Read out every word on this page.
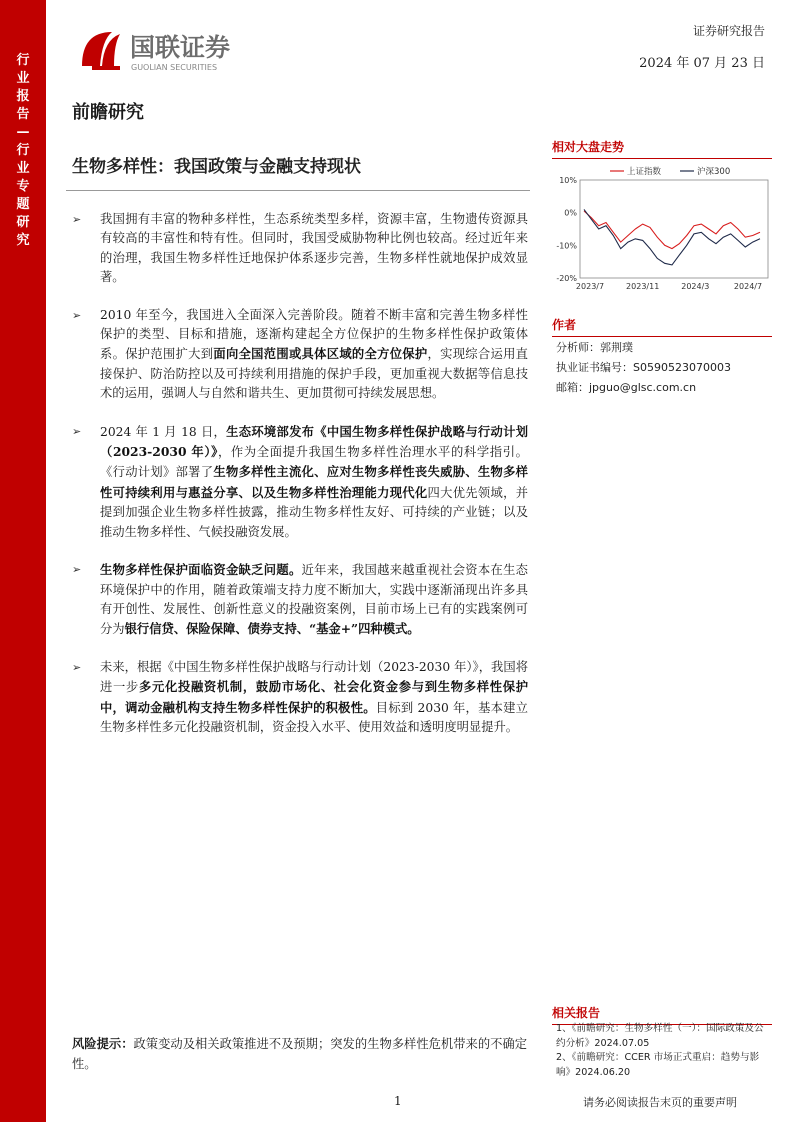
行
业
报
告
—
行
业
专
题
研
究
国联证券
GUOLIAN SECURITIES
证券研究报告
2024 年 07 月 23 日
前瞻研究
生物多样性：我国政策与金融支持现状
➢ 我国拥有丰富的物种多样性，生态系统类型多样，资源丰富，生物遗传资源具有较高的丰富性和特有性。但同时，我国受威胁物种比例也较高。经过近年来的治理，我国生物多样性迁地保护体系逐步完善，生物多样性就地保护成效显著。
➢ 2010 年至今，我国进入全面深入完善阶段。随着不断丰富和完善生物多样性保护的类型、目标和措施，逐渐构建起全方位保护的生物多样性保护政策体系。保护范围扩大到面向全国范围或具体区域的全方位保护，实现综合运用直接保护、防治防控以及可持续利用措施的保护手段，更加重视大数据等信息技术的运用，强调人与自然和谐共生、更加贯彻可持续发展思想。
➢ 2024 年 1 月 18 日，生态环境部发布《中国生物多样性保护战略与行动计划（2023-2030 年）》，作为全面提升我国生物多样性治理水平的科学指引。《行动计划》部署了生物多样性主流化、应对生物多样性丧失威胁、生物多样性可持续利用与惠益分享、以及生物多样性治理能力现代化四大优先领域，并提到加强企业生物多样性披露，推动生物多样性友好、可持续的产业链；以及推动生物多样性、气候投融资发展。
➢ 生物多样性保护面临资金缺乏问题。近年来，我国越来越重视社会资本在生态环境保护中的作用，随着政策端支持力度不断加大，实践中逐渐涌现出许多具有开创性、发展性、创新性意义的投融资案例，目前市场上已有的实践案例可分为银行信贷、保险保障、债券支持、“基金+”四种模式。
➢ 未来，根据《中国生物多样性保护战略与行动计划（2023-2030 年）》，我国将进一步多元化投融资机制，鼓励市场化、社会化资金参与到生物多样性保护中，调动金融机构支持生物多样性保护的积极性。目标到 2030 年，基本建立生物多样性多元化投融资机制，资金投入水平、使用效益和透明度明显提升。
风险提示：政策变动及相关政策推进不及预期；突发的生物多样性危机带来的不确定性。
相对大盘走势
10%
0%
-10%
-20%
2023/7	2023/11	2024/3	2024/7
上证指数	沪深300
作者
分析师：郭荆璞
执业证书编号：S0590523070003
邮箱：jpguo@glsc.com.cn
相关报告
1、《前瞻研究：生物多样性（一）：国际政策及公约分析》2024.07.05
2、《前瞻研究：CCER 市场正式重启：趋势与影响》2024.06.20
1	请务必阅读报告末页的重要声明
